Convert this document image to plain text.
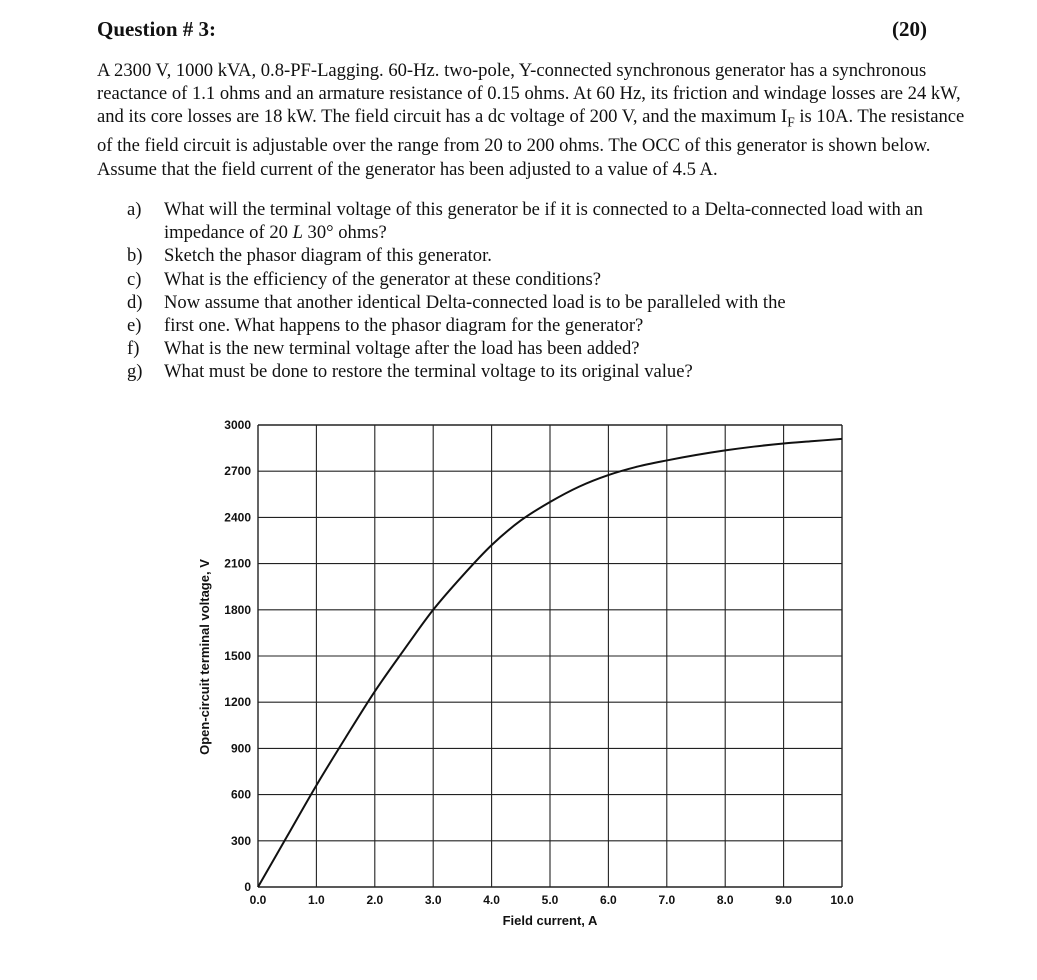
Question # 3:	(20)

A 2300 V, 1000 kVA, 0.8-PF-Lagging. 60-Hz. two-pole, Y-connected synchronous generator has a synchronous reactance of 1.1 ohms and an armature resistance of 0.15 ohms. At 60 Hz, its friction and windage losses are 24 kW, and its core losses are 18 kW. The field circuit has a dc voltage of 200 V, and the maximum $I_F$ is 10A. The resistance of the field circuit is adjustable over the range from 20 to 200 ohms. The OCC of this generator is shown below. Assume that the field current of the generator has been adjusted to a value of 4.5 A.

a) What will the terminal voltage of this generator be if it is connected to a Delta-connected load with an impedance of 20 L 30° ohms?
b) Sketch the phasor diagram of this generator.
c) What is the efficiency of the generator at these conditions?
d) Now assume that another identical Delta-connected load is to be paralleled with the
e) first one. What happens to the phasor diagram for the generator?
f) What is the new terminal voltage after the load has been added?
g) What must be done to restore the terminal voltage to its original value?
0.0	1.0	2.0	3.0	4.0	5.0	6.0	7.0	8.0	9.0	10.0
0
300
600
900
1200
1500
1800
2100
2400
2700
3000
Field current, A
Open-circuit terminal voltage, V
